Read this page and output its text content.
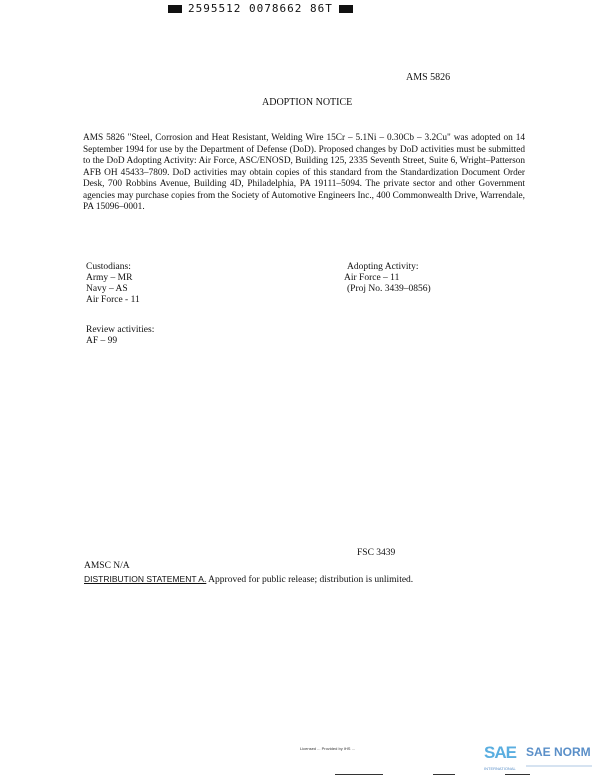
2595512 0078662 86T
AMS 5826
ADOPTION NOTICE
AMS 5826 "Steel, Corrosion and Heat Resistant, Welding Wire 15Cr – 5.1Ni – 0.30Cb – 3.2Cu" was adopted on 14 September 1994 for use by the Department of Defense (DoD). Proposed changes by DoD activities must be submitted to the DoD Adopting Activity: Air Force, ASC/ENOSD, Building 125, 2335 Seventh Street, Suite 6, Wright–Patterson AFB OH 45433–7809. DoD activities may obtain copies of this standard from the Standardization Document Order Desk, 700 Robbins Avenue, Building 4D, Philadelphia, PA 19111–5094. The private sector and other Government agencies may purchase copies from the Society of Automotive Engineers Inc., 400 Commonwealth Drive, Warrendale, PA 15096–0001.
Custodians:
Army – MR
Navy – AS
Air Force - 11
Adopting Activity:
Air Force – 11
(Proj No. 3439–0856)
Review activities:
AF – 99
FSC 3439
AMSC N/A
DISTRIBUTION STATEMENT A. Approved for public release; distribution is unlimited.
Licensed ... Provided by IHS ...	SAE SAE NORM
INTERNATIONAL
